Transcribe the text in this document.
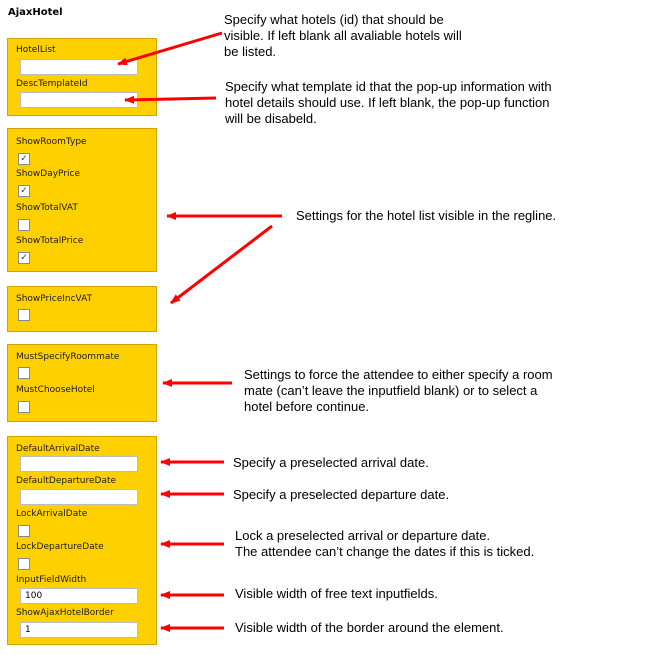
AjaxHotel
HotelList
DescTemplateId
ShowRoomType
✓
ShowDayPrice
✓
ShowTotalVAT
ShowTotalPrice
✓
ShowPriceIncVAT
MustSpecifyRoommate
MustChooseHotel
DefaultArrivalDate
DefaultDepartureDate
LockArrivalDate
LockDepartureDate
InputFieldWidth
100
ShowAjaxHotelBorder
1
Specify what hotels (id) that should be
visible. If left blank all avaliable hotels will
be listed.
Specify what template id that the pop-up information with
hotel details should use. If left blank, the pop-up function
will be disabeld.
Settings for the hotel list visible in the regline.
Settings to force the attendee to either specify a room
mate (can’t leave the inputfield blank) or to select a
hotel before continue.
Specify a preselected arrival date.
Specify a preselected departure date.
Lock a preselected arrival or departure date.
The attendee can’t change the dates if this is ticked.
Visible width of free text inputfields.
Visible width of the border around the element.
